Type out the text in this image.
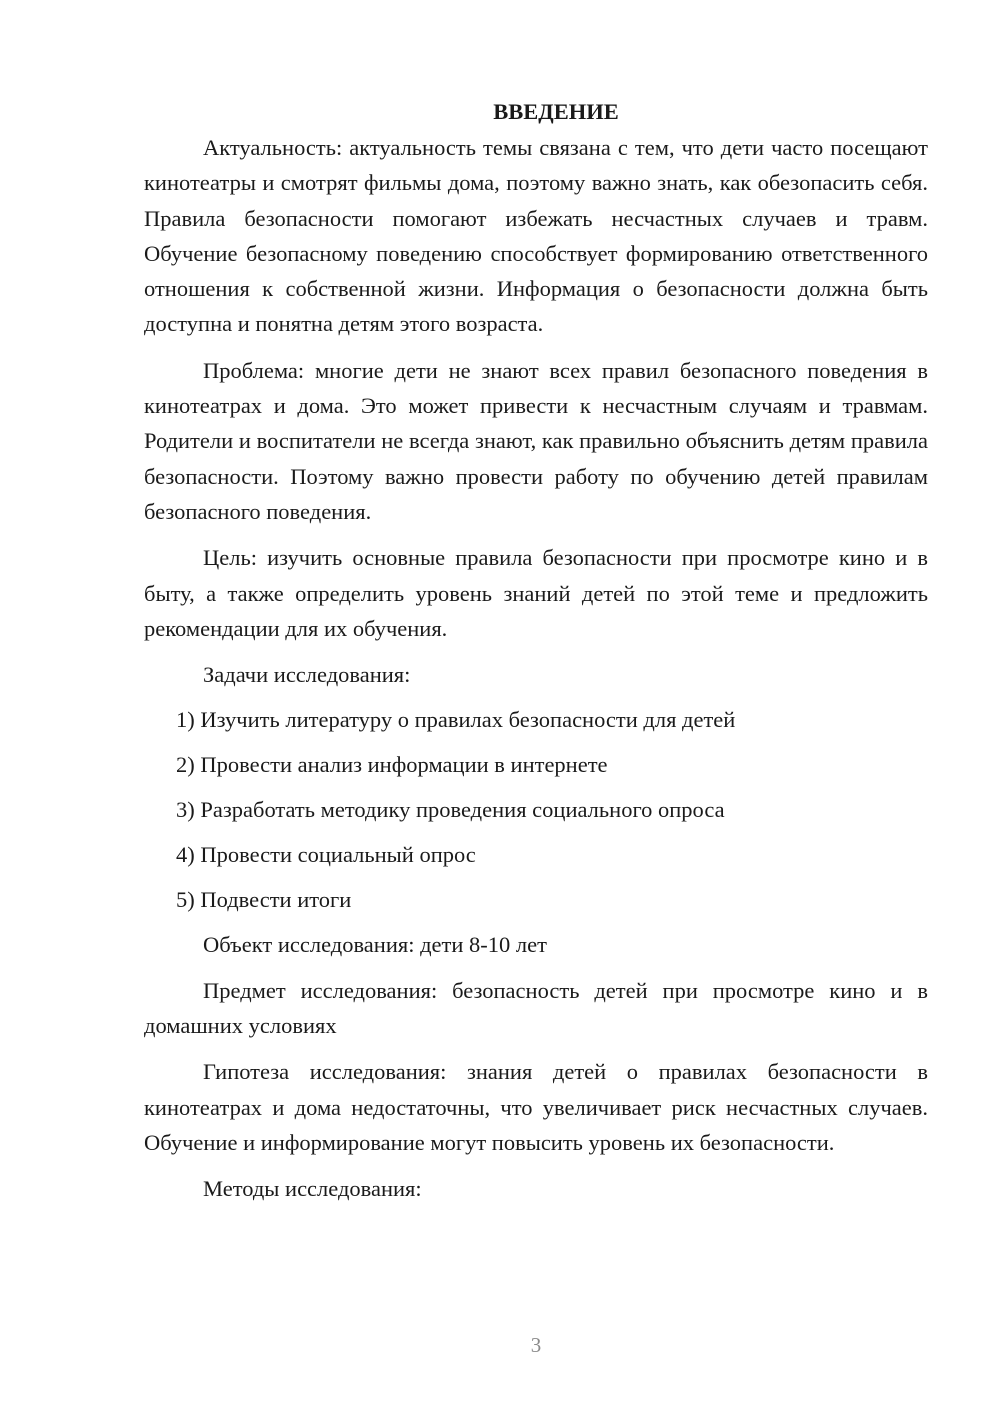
ВВЕДЕНИЕ

Актуальность: актуальность темы связана с тем, что дети часто посещают кинотеатры и смотрят фильмы дома, поэтому важно знать, как обезопасить себя. Правила безопасности помогают избежать несчастных случаев и травм. Обучение безопасному поведению способствует формированию ответственного отношения к собственной жизни. Информация о безопасности должна быть доступна и понятна детям этого возраста.

Проблема: многие дети не знают всех правил безопасного поведения в кинотеатрах и дома. Это может привести к несчастным случаям и травмам. Родители и воспитатели не всегда знают, как правильно объяснить детям правила безопасности. Поэтому важно провести работу по обучению детей правилам безопасного поведения.

Цель: изучить основные правила безопасности при просмотре кино и в быту, а также определить уровень знаний детей по этой теме и предложить рекомендации для их обучения.

Задачи исследования:

1) Изучить литературу о правилах безопасности для детей
2) Провести анализ информации в интернете
3) Разработать методику проведения социального опроса
4) Провести социальный опрос
5) Подвести итоги

Объект исследования: дети 8-10 лет

Предмет исследования: безопасность детей при просмотре кино и в домашних условиях

Гипотеза исследования: знания детей о правилах безопасности в кинотеатрах и дома недостаточны, что увеличивает риск несчастных случаев. Обучение и информирование могут повысить уровень их безопасности.

Методы исследования:

3
